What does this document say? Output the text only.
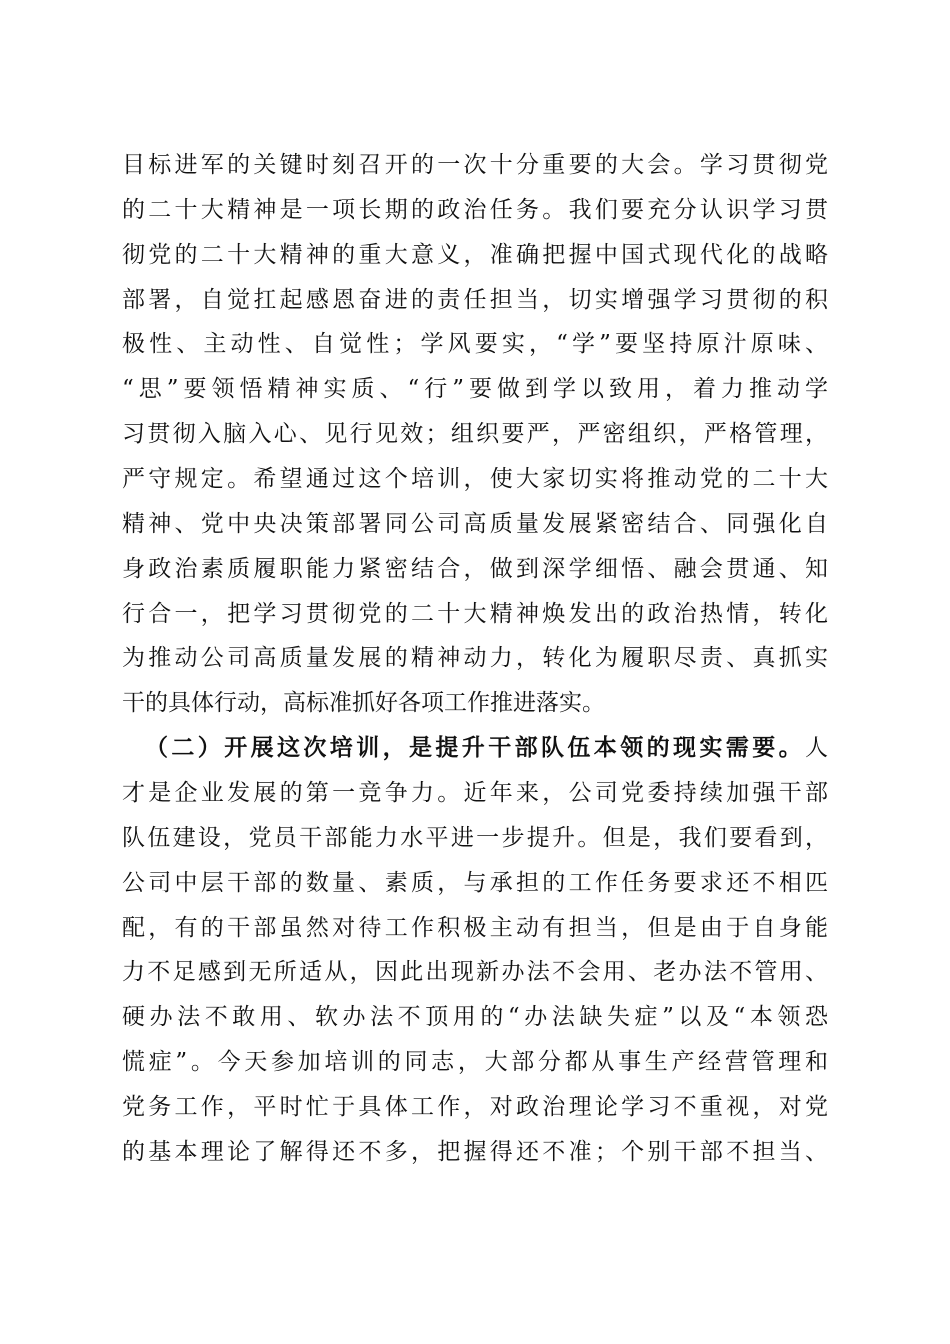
目标进军的关键时刻召开的一次十分重要的大会。学习贯彻党
的二十大精神是一项长期的政治任务。我们要充分认识学习贯
彻党的二十大精神的重大意义，准确把握中国式现代化的战略
部署，自觉扛起感恩奋进的责任担当，切实增强学习贯彻的积
极性、主动性、自觉性；学风要实，“学”要坚持原汁原味、
“思”要领悟精神实质、“行”要做到学以致用，着力推动学
习贯彻入脑入心、见行见效；组织要严，严密组织，严格管理，
严守规定。希望通过这个培训，使大家切实将推动党的二十大
精神、党中央决策部署同公司高质量发展紧密结合、同强化自
身政治素质履职能力紧密结合，做到深学细悟、融会贯通、知
行合一，把学习贯彻党的二十大精神焕发出的政治热情，转化
为推动公司高质量发展的精神动力，转化为履职尽责、真抓实
干的具体行动，高标准抓好各项工作推进落实。
（二）开展这次培训，是提升干部队伍本领的现实需要。人
才是企业发展的第一竞争力。近年来，公司党委持续加强干部
队伍建设，党员干部能力水平进一步提升。但是，我们要看到，
公司中层干部的数量、素质，与承担的工作任务要求还不相匹
配，有的干部虽然对待工作积极主动有担当，但是由于自身能
力不足感到无所适从，因此出现新办法不会用、老办法不管用、
硬办法不敢用、软办法不顶用的“办法缺失症”以及“本领恐
慌症”。今天参加培训的同志，大部分都从事生产经营管理和
党务工作，平时忙于具体工作，对政治理论学习不重视，对党
的基本理论了解得还不多，把握得还不准；个别干部不担当、
